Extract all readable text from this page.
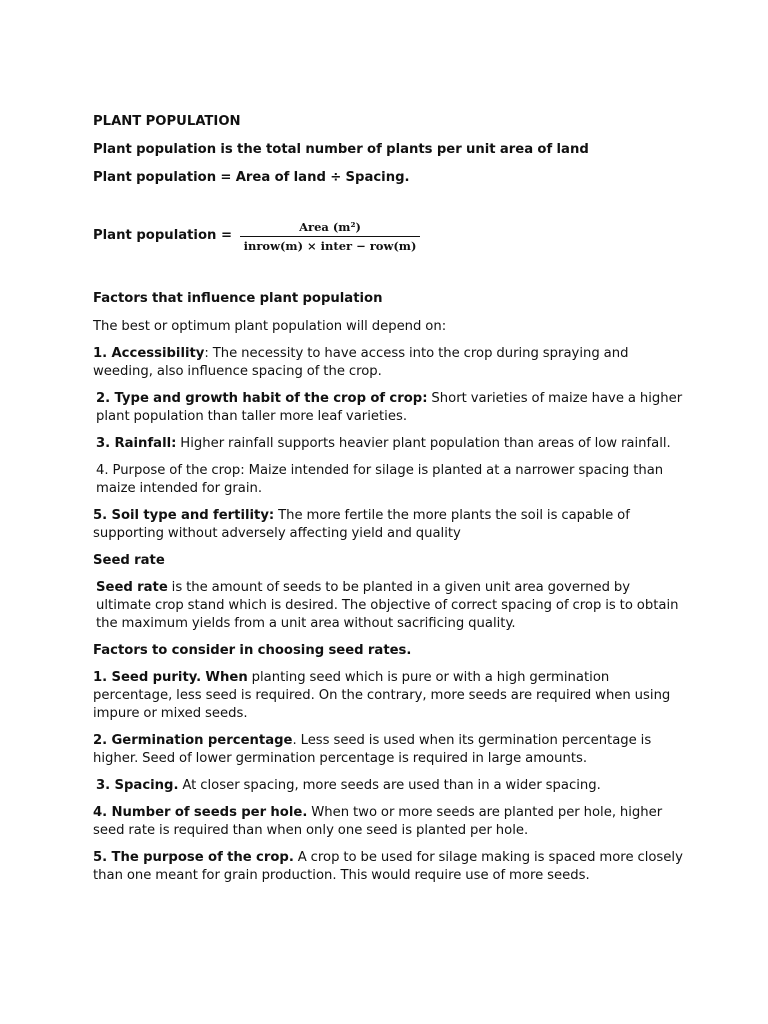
PLANT POPULATION

Plant population is the total number of plants per unit area of land

Plant population = Area of land ÷ Spacing.

Plant population = $\frac{\text{Area (m²)}}{\text{inrow(m) × inter − row(m)}}$

Factors that influence plant population

The best or optimum plant population will depend on:

1. Accessibility: The necessity to have access into the crop during spraying and weeding, also influence spacing of the crop.

2. Type and growth habit of the crop of crop: Short varieties of maize have a higher plant population than taller more leaf varieties.

3. Rainfall: Higher rainfall supports heavier plant population than areas of low rainfall.

4. Purpose of the crop: Maize intended for silage is planted at a narrower spacing than maize intended for grain.

5. Soil type and fertility: The more fertile the more plants the soil is capable of supporting without adversely affecting yield and quality

Seed rate

Seed rate is the amount of seeds to be planted in a given unit area governed by ultimate crop stand which is desired. The objective of correct spacing of crop is to obtain the maximum yields from a unit area without sacrificing quality.

Factors to consider in choosing seed rates.

1. Seed purity. When planting seed which is pure or with a high germination percentage, less seed is required. On the contrary, more seeds are required when using impure or mixed seeds.

2. Germination percentage. Less seed is used when its germination percentage is higher. Seed of lower germination percentage is required in large amounts.

3. Spacing. At closer spacing, more seeds are used than in a wider spacing.

4. Number of seeds per hole. When two or more seeds are planted per hole, higher seed rate is required than when only one seed is planted per hole.

5. The purpose of the crop. A crop to be used for silage making is spaced more closely than one meant for grain production. This would require use of more seeds.
